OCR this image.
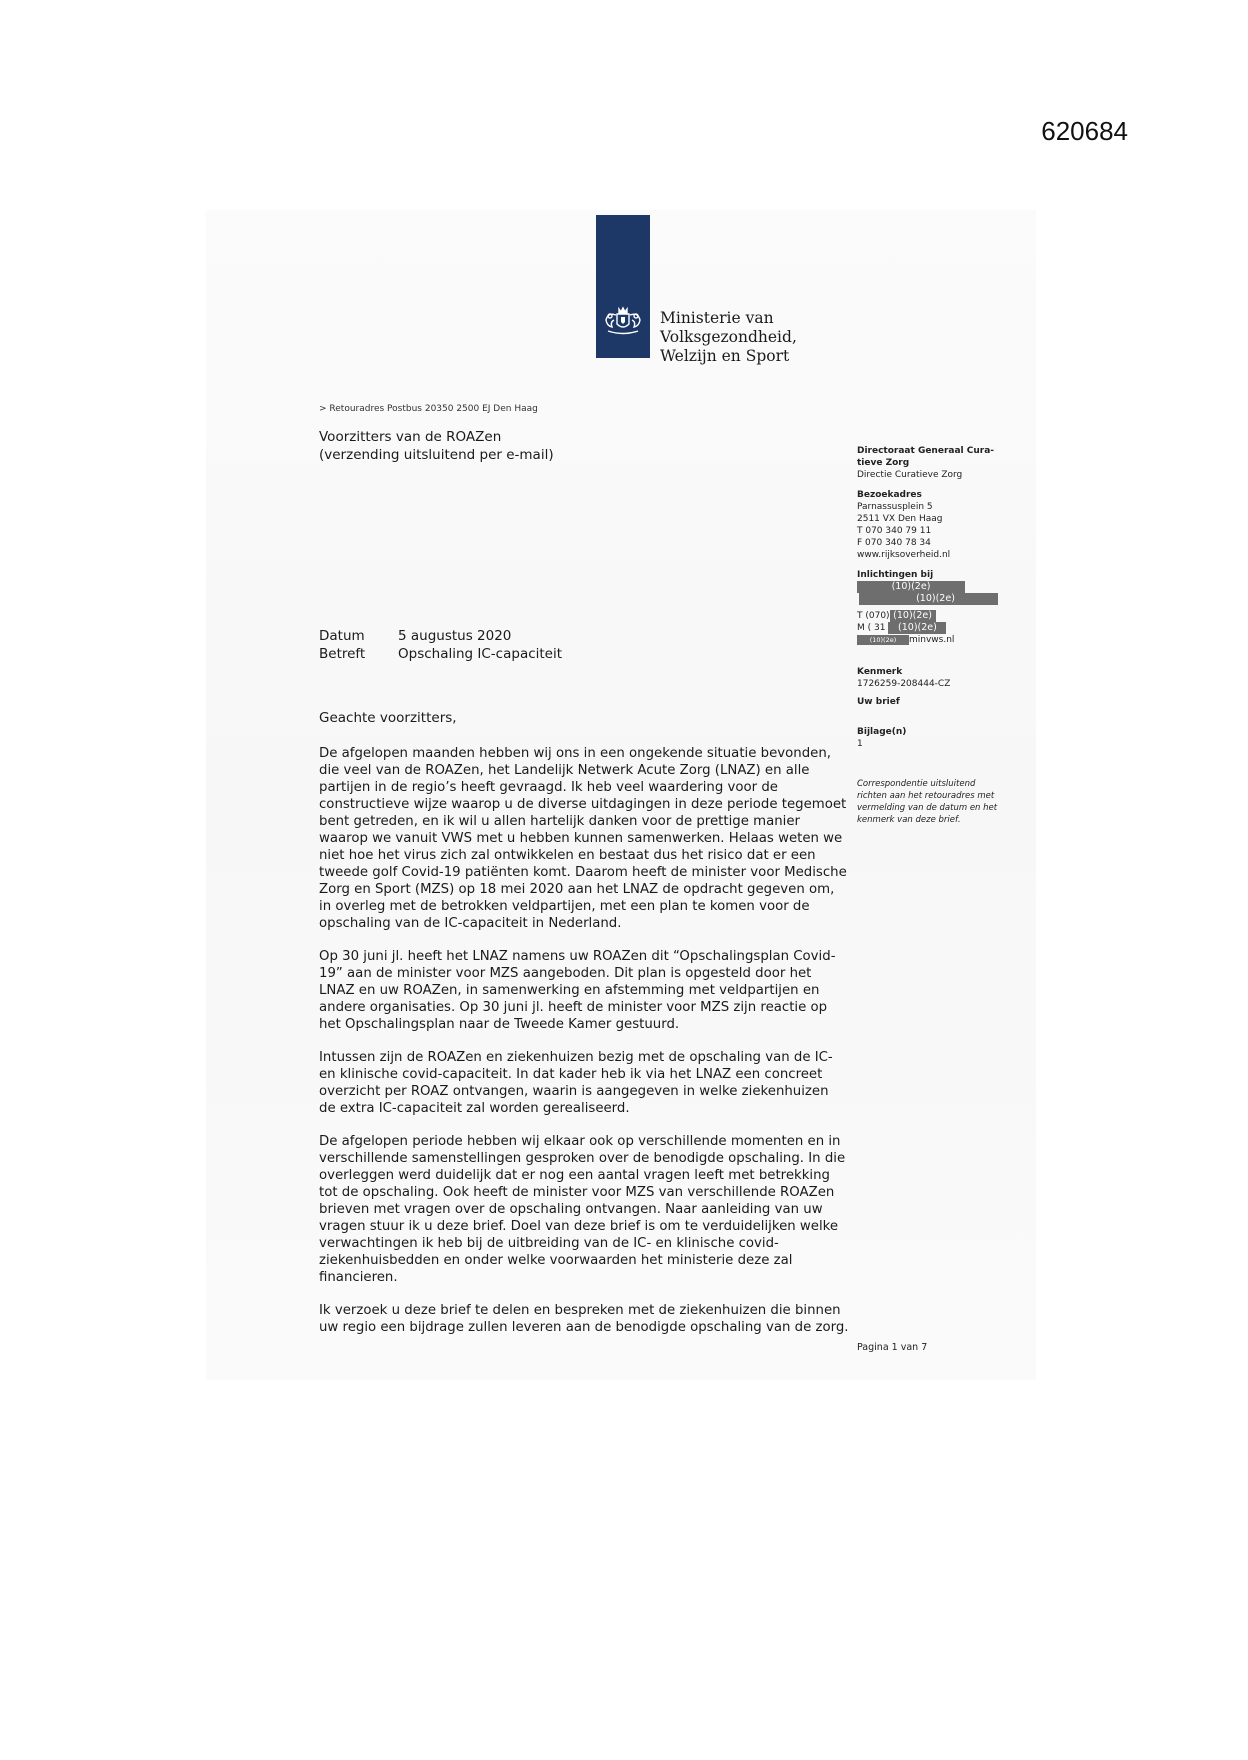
620684
Ministerie van Volksgezondheid,
Welzijn en Sport
> Retouradres Postbus 20350 2500 EJ Den Haag
Voorzitters van de ROAZen
(verzending uitsluitend per e-mail)
Datum	5 augustus 2020
Betreft	Opschaling IC-capaciteit
Geachte voorzitters,

De afgelopen maanden hebben wij ons in een ongekende situatie bevonden, die veel van de ROAZen, het Landelijk Netwerk Acute Zorg (LNAZ) en alle partijen in de regio’s heeft gevraagd. Ik heb veel waardering voor de constructieve wijze waarop u de diverse uitdagingen in deze periode tegemoet bent getreden, en ik wil u allen hartelijk danken voor de prettige manier waarop we vanuit VWS met u hebben kunnen samenwerken. Helaas weten we niet hoe het virus zich zal ontwikkelen en bestaat dus het risico dat er een tweede golf Covid-19 patiënten komt. Daarom heeft de minister voor Medische Zorg en Sport (MZS) op 18 mei 2020 aan het LNAZ de opdracht gegeven om, in overleg met de betrokken veldpartijen, met een plan te komen voor de opschaling van de IC-capaciteit in Nederland.

Op 30 juni jl. heeft het LNAZ namens uw ROAZen dit “Opschalingsplan Covid-19” aan de minister voor MZS aangeboden. Dit plan is opgesteld door het LNAZ en uw ROAZen, in samenwerking en afstemming met veldpartijen en andere organisaties. Op 30 juni jl. heeft de minister voor MZS zijn reactie op het Opschalingsplan naar de Tweede Kamer gestuurd.

Intussen zijn de ROAZen en ziekenhuizen bezig met de opschaling van de IC- en klinische covid-capaciteit. In dat kader heb ik via het LNAZ een concreet overzicht per ROAZ ontvangen, waarin is aangegeven in welke ziekenhuizen de extra IC-capaciteit zal worden gerealiseerd.

De afgelopen periode hebben wij elkaar ook op verschillende momenten en in verschillende samenstellingen gesproken over de benodigde opschaling. In die overleggen werd duidelijk dat er nog een aantal vragen leeft met betrekking tot de opschaling. Ook heeft de minister voor MZS van verschillende ROAZen brieven met vragen over de opschaling ontvangen. Naar aanleiding van uw vragen stuur ik u deze brief. Doel van deze brief is om te verduidelijken welke verwachtingen ik heb bij de uitbreiding van de IC- en klinische covid-ziekenhuisbedden en onder welke voorwaarden het ministerie deze zal financieren.

Ik verzoek u deze brief te delen en bespreken met de ziekenhuizen die binnen uw regio een bijdrage zullen leveren aan de benodigde opschaling van de zorg.

Directoraat Generaal Cura-
tieve Zorg
Directie Curatieve Zorg
Bezoekadres
Parnassusplein 5
2511 VX Den Haag
T 070 340 79 11
F 070 340 78 34
www.rijksoverheid.nl
Inlichtingen bij
(10)(2e)
(10)(2e)
T (070) (10)(2e)
M ( 31	(10)(2e)
(10)(2e)	minvws.nl
Kenmerk
1726259-208444-CZ
Uw brief
Bijlage(n)
1
Correspondentie uitsluitend richten aan het retouradres met vermelding van de datum en het kenmerk van deze brief.
Pagina 1 van 7
